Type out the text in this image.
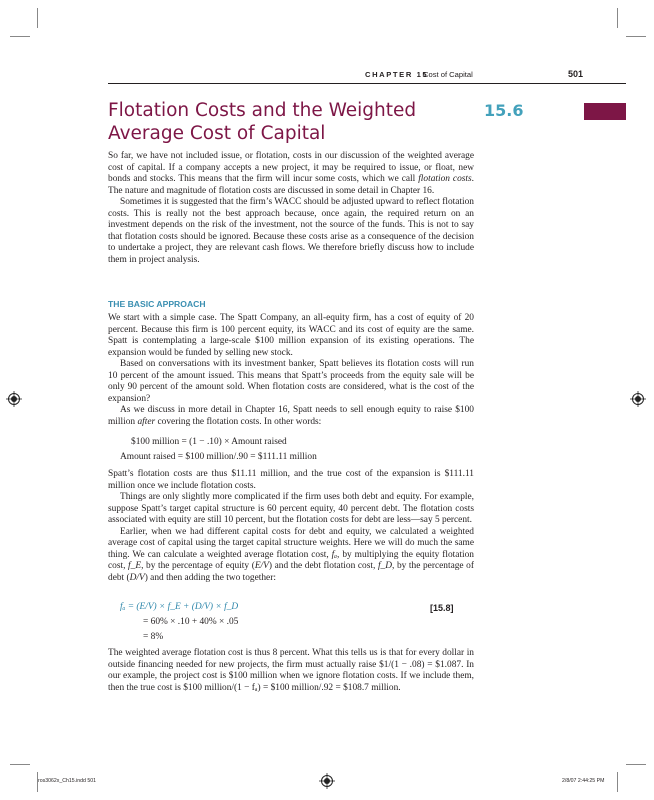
CHAPTER 15
Cost of Capital	501
Flotation Costs and the Weighted
Average Cost of Capital
15.6

So far, we have not included issue, or flotation, costs in our discussion of the weighted average cost of capital. If a company accepts a new project, it may be required to issue, or float, new bonds and stocks. This means that the firm will incur some costs, which we call flotation costs. The nature and magnitude of flotation costs are discussed in some detail in Chapter 16.

Sometimes it is suggested that the firm’s WACC should be adjusted upward to reflect flotation costs. This is really not the best approach because, once again, the required return on an investment depends on the risk of the investment, not the source of the funds. This is not to say that flotation costs should be ignored. Because these costs arise as a consequence of the decision to undertake a project, they are relevant cash flows. We therefore briefly discuss how to include them in project analysis.

THE BASIC APPROACH

We start with a simple case. The Spatt Company, an all-equity firm, has a cost of equity of 20 percent. Because this firm is 100 percent equity, its WACC and its cost of equity are the same. Spatt is contemplating a large-scale $100 million expansion of its existing operations. The expansion would be funded by selling new stock.

Based on conversations with its investment banker, Spatt believes its flotation costs will run 10 percent of the amount issued. This means that Spatt’s proceeds from the equity sale will be only 90 percent of the amount sold. When flotation costs are considered, what is the cost of the expansion?

As we discuss in more detail in Chapter 16, Spatt needs to sell enough equity to raise $100 million after covering the flotation costs. In other words:

$100 million = (1 − .10) × Amount raised
Amount raised = $100 million/.90 = $111.11 million

Spatt’s flotation costs are thus $11.11 million, and the true cost of the expansion is $111.11 million once we include flotation costs.

Things are only slightly more complicated if the firm uses both debt and equity. For example, suppose Spatt’s target capital structure is 60 percent equity, 40 percent debt. The flotation costs associated with equity are still 10 percent, but the flotation costs for debt are less—say 5 percent.

Earlier, when we had different capital costs for debt and equity, we calculated a weighted average cost of capital using the target capital structure weights. Here we will do much the same thing. We can calculate a weighted average flotation cost, fₐ, by multiplying the equity flotation cost, f_E, by the percentage of equity (E/V) and the debt flotation cost, f_D, by the percentage of debt (D/V) and then adding the two together:

fₐ = (E/V) × f_E + (D/V) × f_D	[15.8]
= 60% × .10 + 40% × .05
= 8%

The weighted average flotation cost is thus 8 percent. What this tells us is that for every dollar in outside financing needed for new projects, the firm must actually raise $1/(1 − .08) = $1.087. In our example, the project cost is $100 million when we ignore flotation costs. If we include them, then the true cost is $100 million/(1 − fₐ) = $100 million/.92 = $108.7 million.

ros3062x_Ch15.indd 501	2/8/07 2:44:25 PM
